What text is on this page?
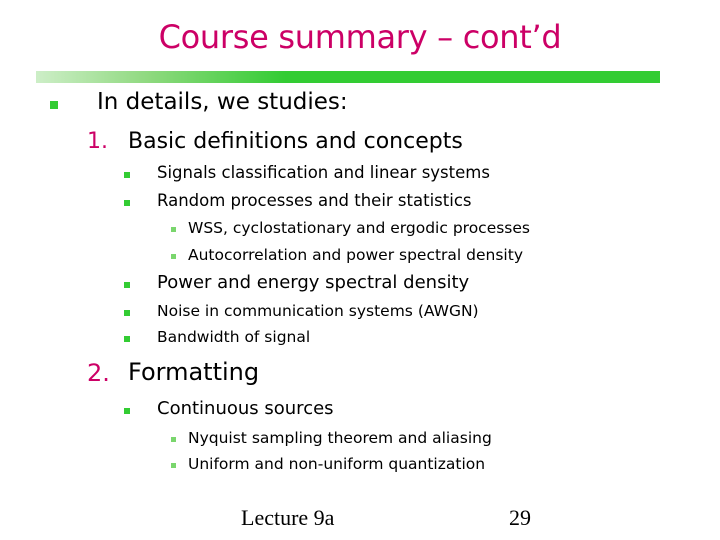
Course summary – cont’d
In details, we studies:
1. Basic definitions and concepts
Signals classification and linear systems
Random processes and their statistics
WSS, cyclostationary and ergodic processes
Autocorrelation and power spectral density
Power and energy spectral density
Noise in communication systems (AWGN)
Bandwidth of signal
2. Formatting
Continuous sources
Nyquist sampling theorem and aliasing
Uniform and non-uniform quantization
Lecture 9a	29
